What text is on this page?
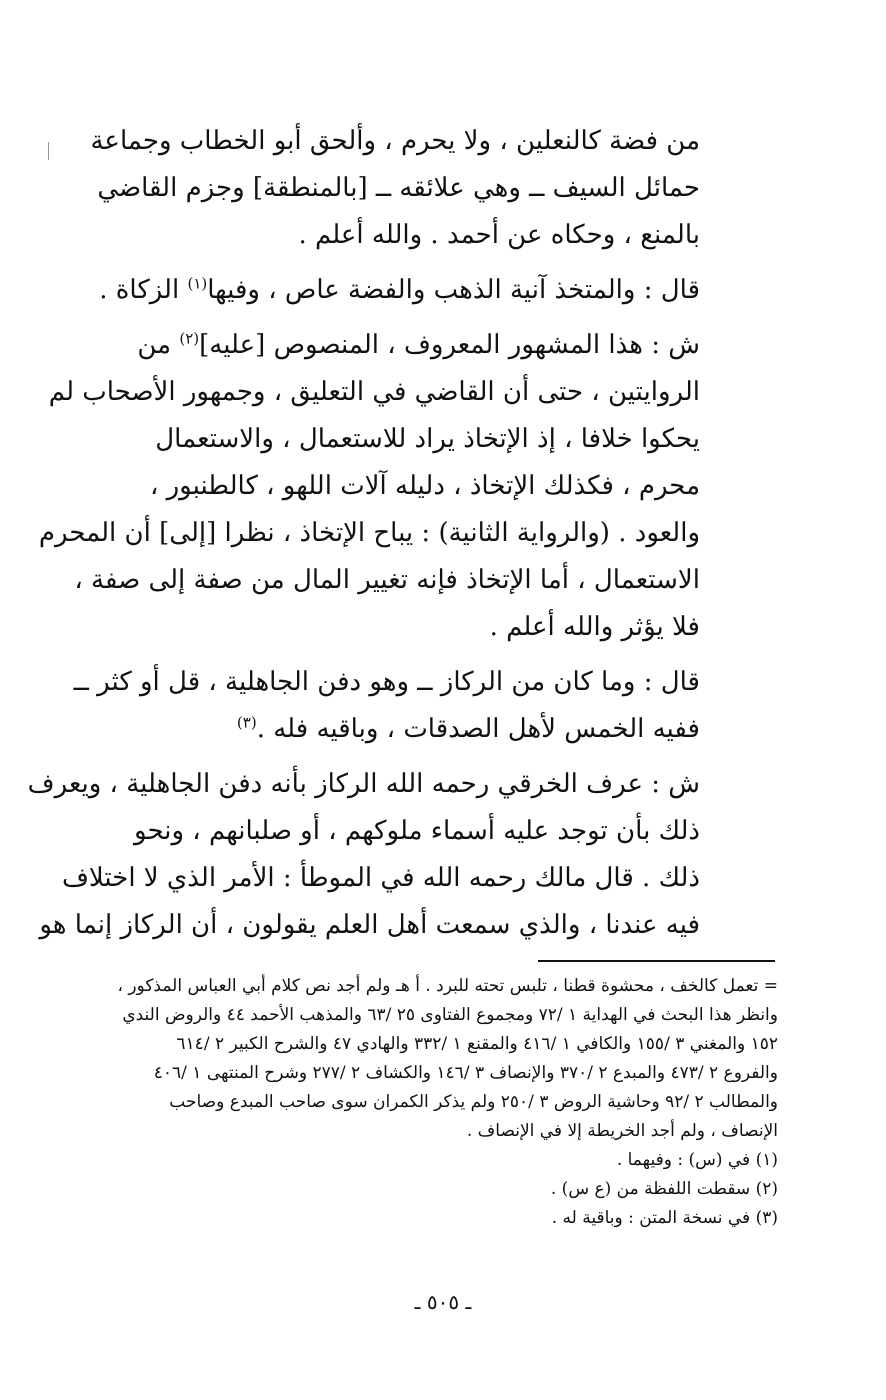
من فضة كالنعلين ، ولا يحرم ، وألحق أبو الخطاب وجماعة
حمائل السيف ــ وهي علائقه ــ [بالمنطقة] وجزم القاضي
بالمنع ، وحكاه عن أحمد . والله أعلم .

قال : والمتخذ آنية الذهب والفضة عاص ، وفيها$^{(١)}$ الزكاة .

ش : هذا المشهور المعروف ، المنصوص [عليه]$^{(٢)}$ من
الروايتين ، حتى أن القاضي في التعليق ، وجمهور الأصحاب لم
يحكوا خلافا ، إذ الإتخاذ يراد للاستعمال ، والاستعمال
محرم ، فكذلك الإتخاذ ، دليله آلات اللهو ، كالطنبور ،
والعود . (والرواية الثانية) : يباح الإتخاذ ، نظرا [إلى] أن المحرم
الاستعمال ، أما الإتخاذ فإنه تغيير المال من صفة إلى صفة ،
فلا يؤثر والله أعلم .

قال : وما كان من الركاز ــ وهو دفن الجاهلية ، قل أو كثر ــ
ففيه الخمس لأهل الصدقات ، وباقيه فله .$^{(٣)}$

ش : عرف الخرقي رحمه الله الركاز بأنه دفن الجاهلية ، ويعرف
ذلك بأن توجد عليه أسماء ملوكهم ، أو صلبانهم ، ونحو
ذلك . قال مالك رحمه الله في الموطأ : الأمر الذي لا اختلاف
فيه عندنا ، والذي سمعت أهل العلم يقولون ، أن الركاز إنما هو

= تعمل كالخف ، محشوة قطنا ، تلبس تحته للبرد . أ هـ ولم أجد نص كلام أبي العباس المذكور ،
وانظر هذا البحث في الهداية ١ /٧٢ ومجموع الفتاوى ٢٥ /٦٣ والمذهب الأحمد ٤٤ والروض الندي
١٥٢ والمغني ٣ /١٥٥ والكافي ١ /٤١٦ والمقنع ١ /٣٣٢ والهادي ٤٧ والشرح الكبير ٢ /٦١٤
والفروع ٢ /٤٧٣ والمبدع ٢ /٣٧٠ والإنصاف ٣ /١٤٦ والكشاف ٢ /٢٧٧ وشرح المنتهى ١ /٤٠٦
والمطالب ٢ /٩٢ وحاشية الروض ٣ /٢٥٠ ولم يذكر الكمران سوى صاحب المبدع وصاحب
الإنصاف ، ولم أجد الخريطة إلا في الإنصاف .
(١) في (س) : وفيهما .
(٢) سقطت اللفظة من (ع س) .
(٣) في نسخة المتن : وباقية له .
ـ ٥٠٥ ـ
